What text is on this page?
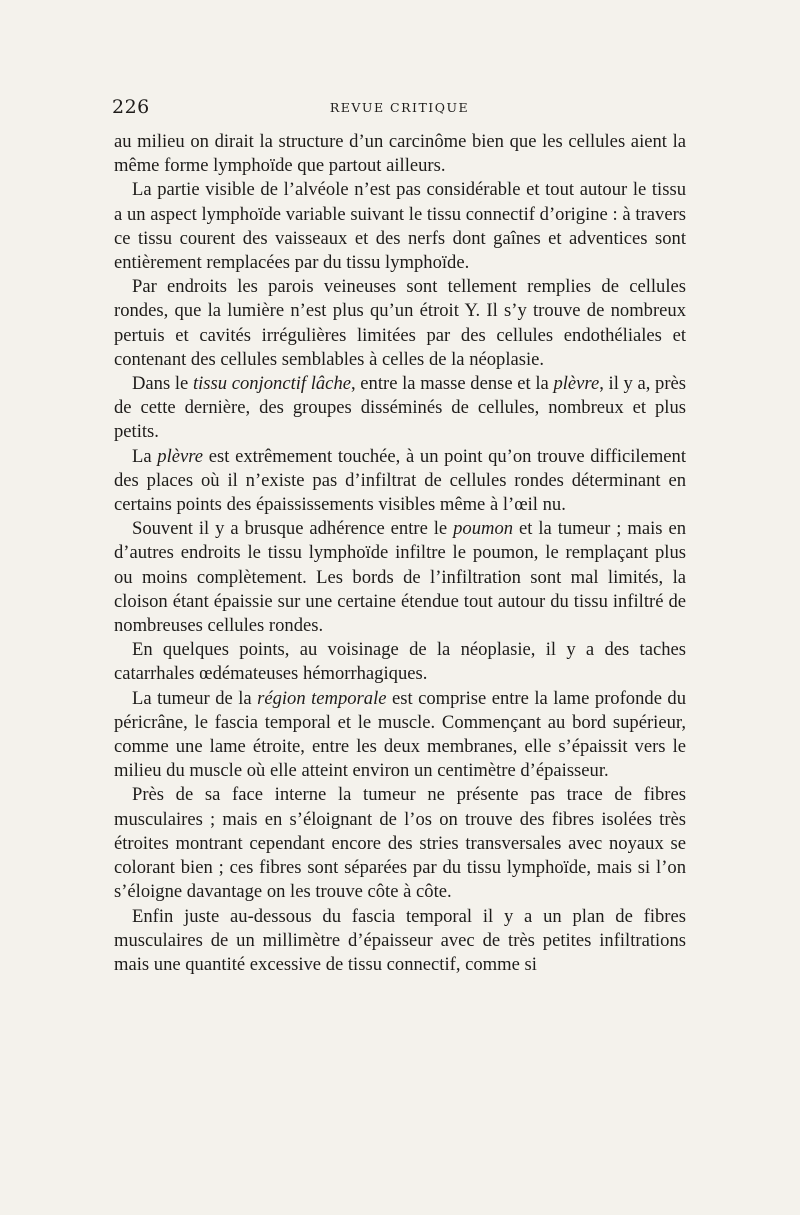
226	REVUE CRITIQUE

au milieu on dirait la structure d’un carcinôme bien que les cellules aient la même forme lymphoïde que partout ailleurs.

La partie visible de l’alvéole n’est pas considérable et tout autour le tissu a un aspect lymphoïde variable suivant le tissu connectif d’origine : à travers ce tissu courent des vaisseaux et des nerfs dont gaînes et adventices sont entièrement remplacées par du tissu lymphoïde.

Par endroits les parois veineuses sont tellement remplies de cellules rondes, que la lumière n’est plus qu’un étroit Y. Il s’y trouve de nombreux pertuis et cavités irrégulières limitées par des cellules endothéliales et contenant des cellules semblables à celles de la néoplasie.

Dans le tissu conjonctif lâche, entre la masse dense et la plèvre, il y a, près de cette dernière, des groupes disséminés de cellules, nombreux et plus petits.

La plèvre est extrêmement touchée, à un point qu’on trouve difficilement des places où il n’existe pas d’infiltrat de cellules rondes déterminant en certains points des épaississements visibles même à l’œil nu.

Souvent il y a brusque adhérence entre le poumon et la tumeur ; mais en d’autres endroits le tissu lymphoïde infiltre le poumon, le remplaçant plus ou moins complètement. Les bords de l’infiltration sont mal limités, la cloison étant épaissie sur une certaine étendue tout autour du tissu infiltré de nombreuses cellules rondes.

En quelques points, au voisinage de la néoplasie, il y a des taches catarrhales œdémateuses hémorrhagiques.

La tumeur de la région temporale est comprise entre la lame profonde du péricrâne, le fascia temporal et le muscle. Commençant au bord supérieur, comme une lame étroite, entre les deux membranes, elle s’épaissit vers le milieu du muscle où elle atteint environ un centimètre d’épaisseur.

Près de sa face interne la tumeur ne présente pas trace de fibres musculaires ; mais en s’éloignant de l’os on trouve des fibres isolées très étroites montrant cependant encore des stries transversales avec noyaux se colorant bien ; ces fibres sont séparées par du tissu lymphoïde, mais si l’on s’éloigne davantage on les trouve côte à côte.

Enfin juste au-dessous du fascia temporal il y a un plan de fibres musculaires de un millimètre d’épaisseur avec de très petites infiltrations mais une quantité excessive de tissu connectif, comme si
